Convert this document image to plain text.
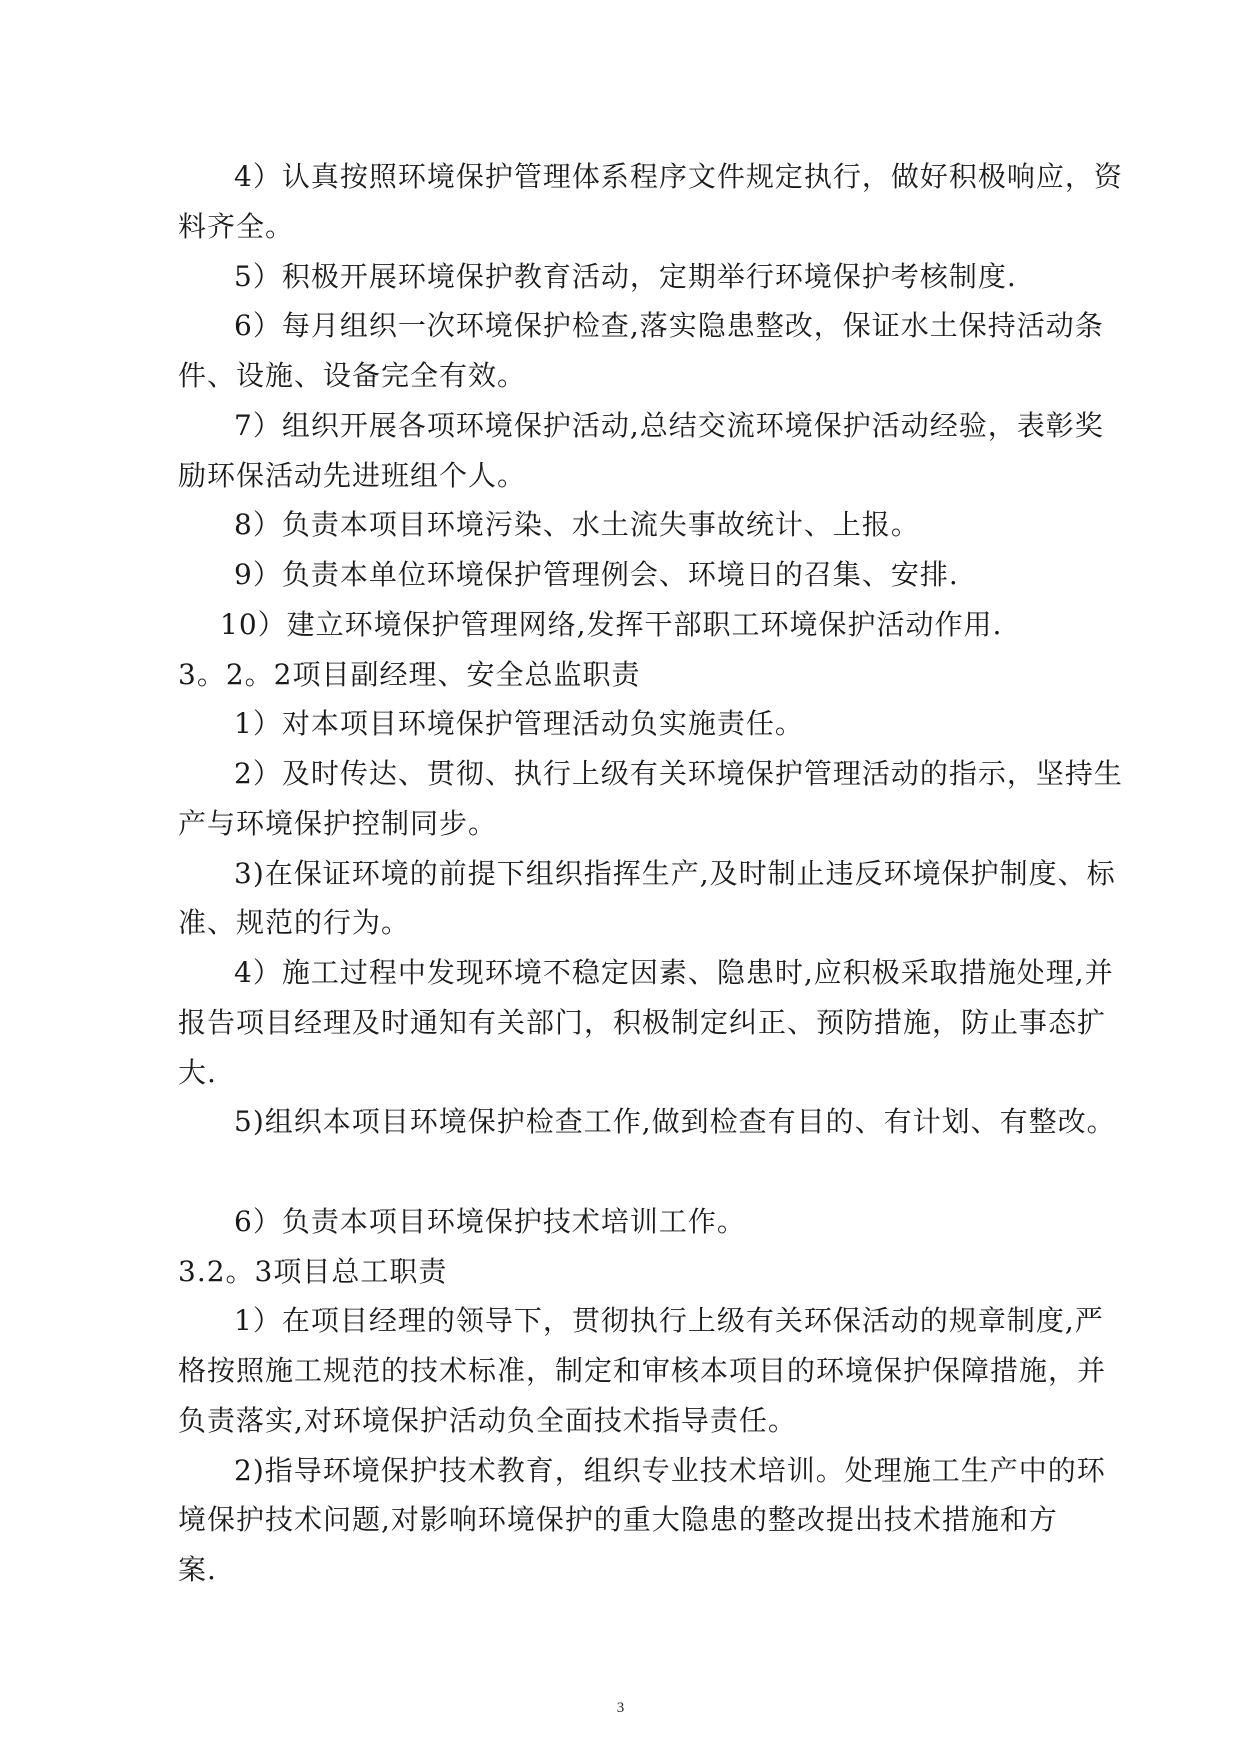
4）认真按照环境保护管理体系程序文件规定执行，做好积极响应，资
料齐全。
5）积极开展环境保护教育活动，定期举行环境保护考核制度.
6）每月组织一次环境保护检查,落实隐患整改，保证水土保持活动条
件、设施、设备完全有效。
7）组织开展各项环境保护活动,总结交流环境保护活动经验，表彰奖
励环保活动先进班组个人。
8）负责本项目环境污染、水土流失事故统计、上报。
9）负责本单位环境保护管理例会、环境日的召集、安排.
10）建立环境保护管理网络,发挥干部职工环境保护活动作用.
3。2。2项目副经理、安全总监职责
1）对本项目环境保护管理活动负实施责任。
2）及时传达、贯彻、执行上级有关环境保护管理活动的指示，坚持生
产与环境保护控制同步。
3)在保证环境的前提下组织指挥生产,及时制止违反环境保护制度、标
准、规范的行为。
4）施工过程中发现环境不稳定因素、隐患时,应积极采取措施处理,并
报告项目经理及时通知有关部门，积极制定纠正、预防措施，防止事态扩
大.
5)组织本项目环境保护检查工作,做到检查有目的、有计划、有整改。
6）负责本项目环境保护技术培训工作。
3.2。3项目总工职责
1）在项目经理的领导下，贯彻执行上级有关环保活动的规章制度,严
格按照施工规范的技术标准，制定和审核本项目的环境保护保障措施，并
负责落实,对环境保护活动负全面技术指导责任。
2)指导环境保护技术教育，组织专业技术培训。处理施工生产中的环
境保护技术问题,对影响环境保护的重大隐患的整改提出技术措施和方
案.
3
